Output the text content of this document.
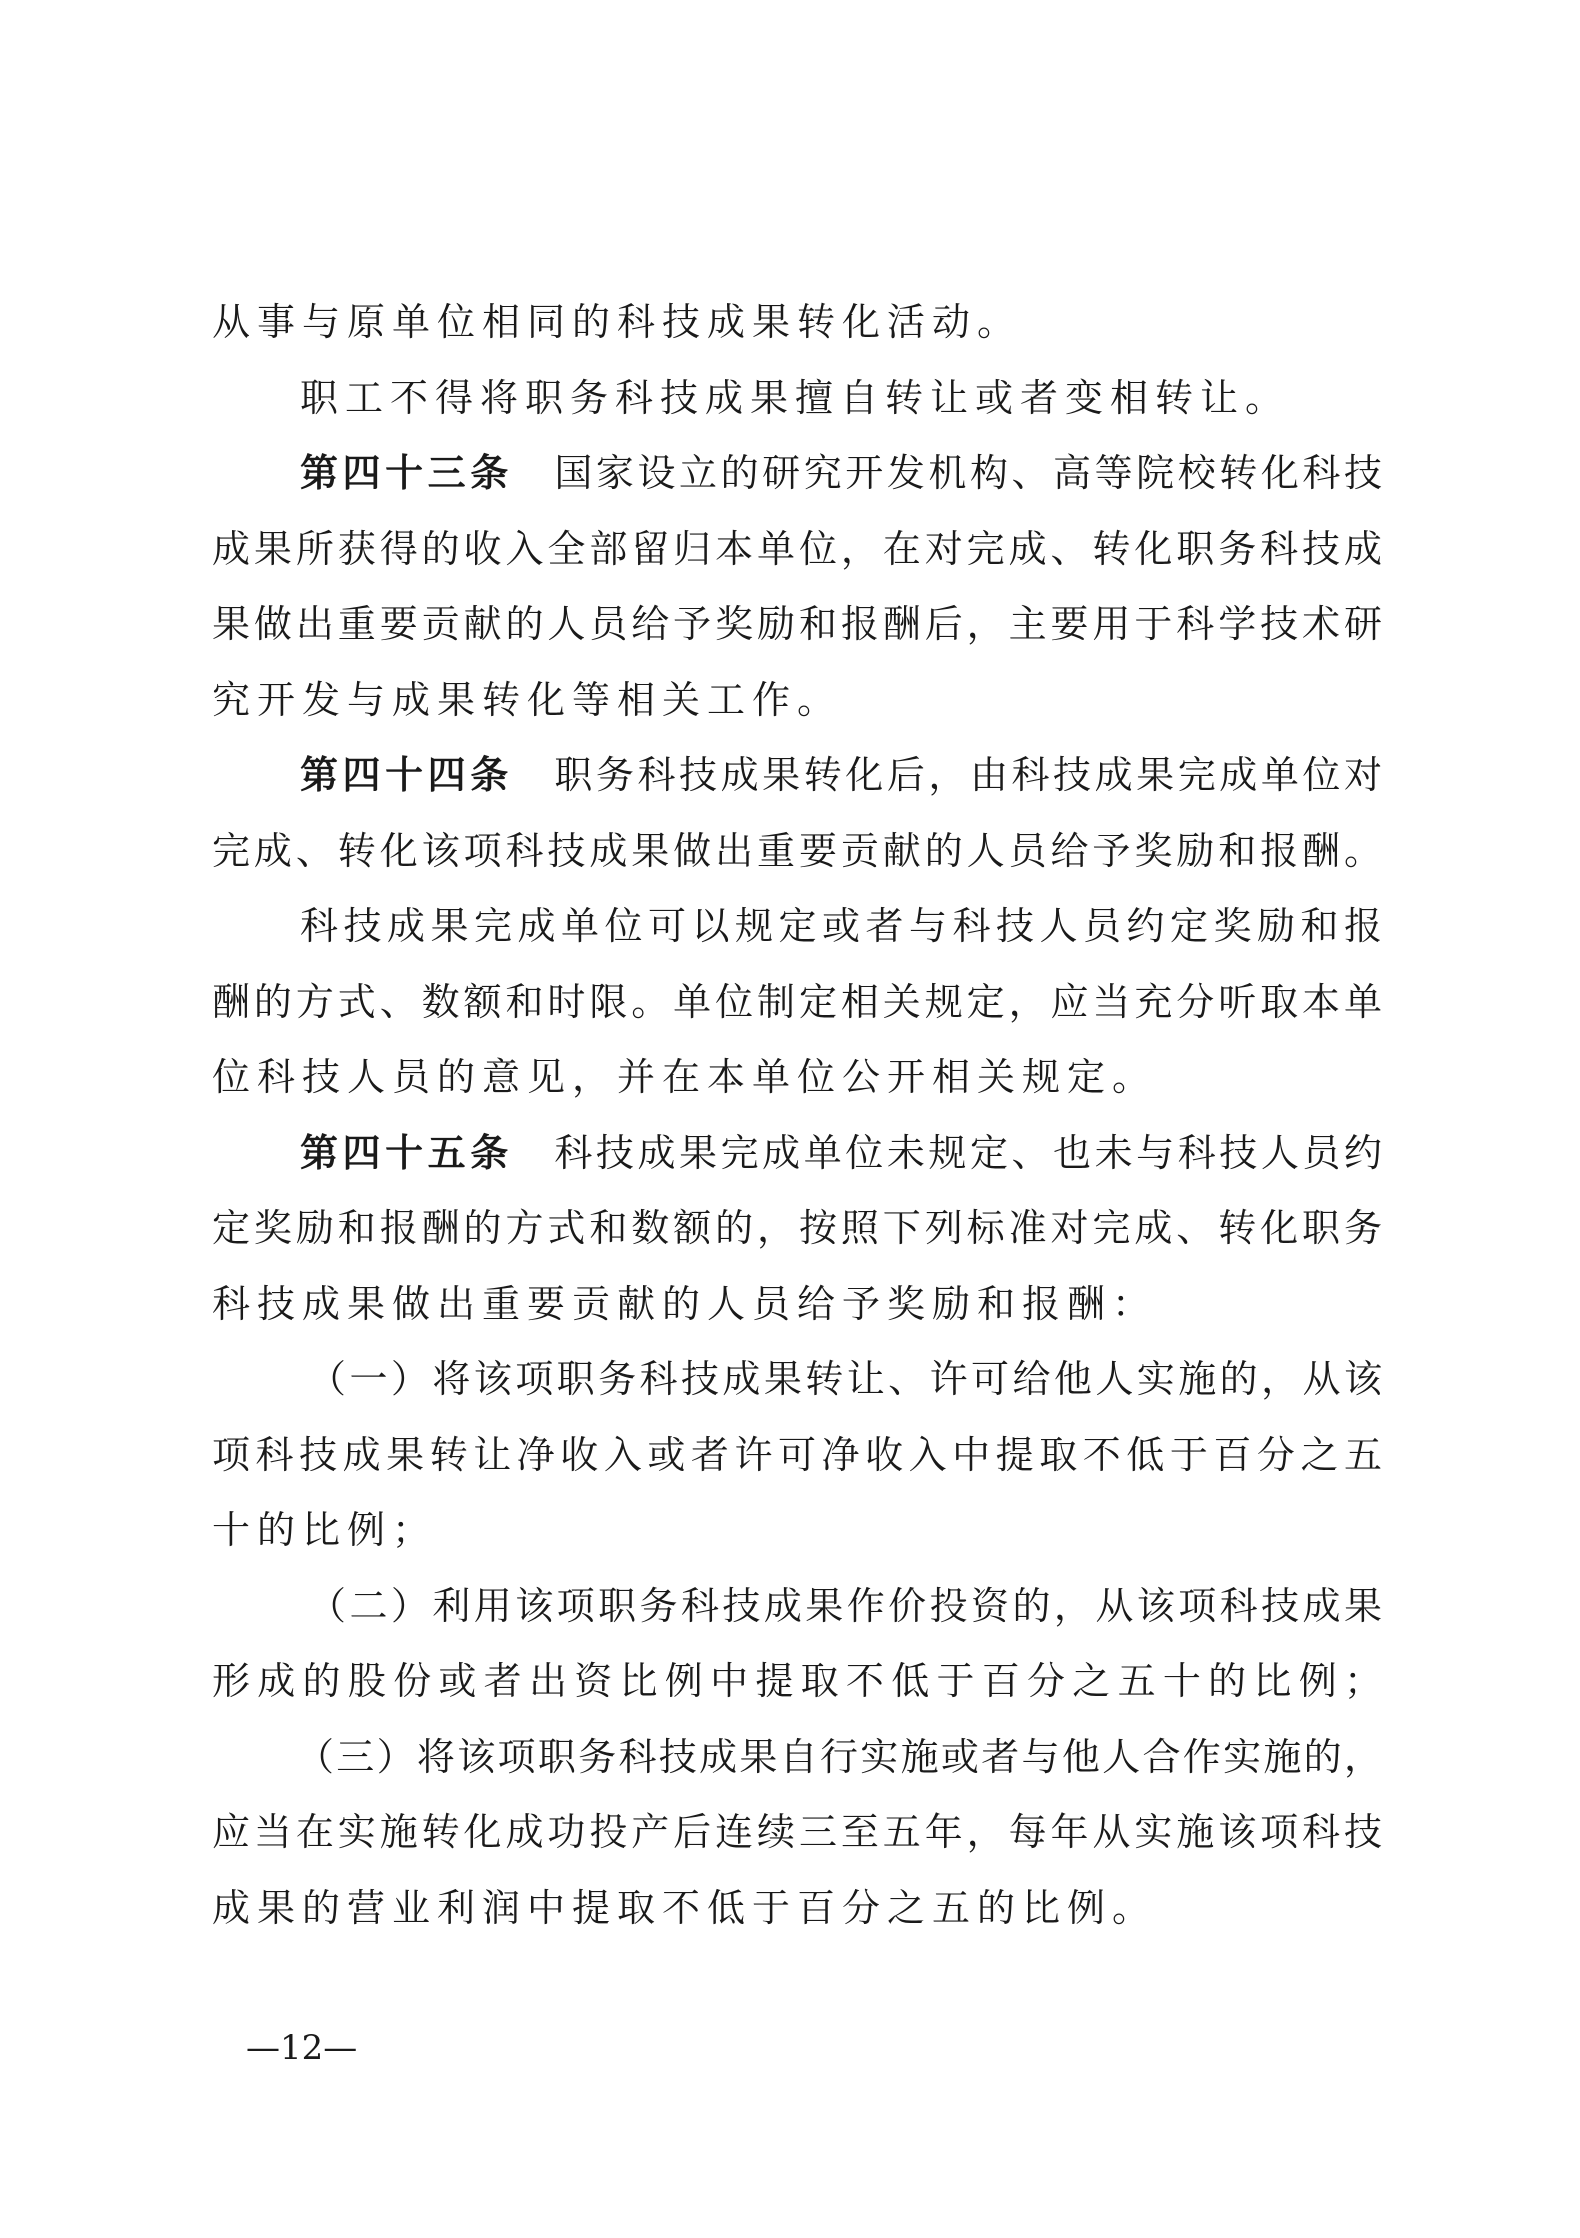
从事与原单位相同的科技成果转化活动。
职工不得将职务科技成果擅自转让或者变相转让。
第四十三条 国家设立的研究开发机构、高等院校转化科技
成果所获得的收入全部留归本单位，在对完成、转化职务科技成
果做出重要贡献的人员给予奖励和报酬后，主要用于科学技术研
究开发与成果转化等相关工作。
第四十四条 职务科技成果转化后，由科技成果完成单位对
完成、转化该项科技成果做出重要贡献的人员给予奖励和报酬。
科技成果完成单位可以规定或者与科技人员约定奖励和报
酬的方式、数额和时限。单位制定相关规定，应当充分听取本单
位科技人员的意见，并在本单位公开相关规定。
第四十五条 科技成果完成单位未规定、也未与科技人员约
定奖励和报酬的方式和数额的，按照下列标准对完成、转化职务
科技成果做出重要贡献的人员给予奖励和报酬：
（一）将该项职务科技成果转让、许可给他人实施的，从该
项科技成果转让净收入或者许可净收入中提取不低于百分之五
十的比例；
（二）利用该项职务科技成果作价投资的，从该项科技成果
形成的股份或者出资比例中提取不低于百分之五十的比例；
（三）将该项职务科技成果自行实施或者与他人合作实施的，
应当在实施转化成功投产后连续三至五年，每年从实施该项科技
成果的营业利润中提取不低于百分之五的比例。
—12—
